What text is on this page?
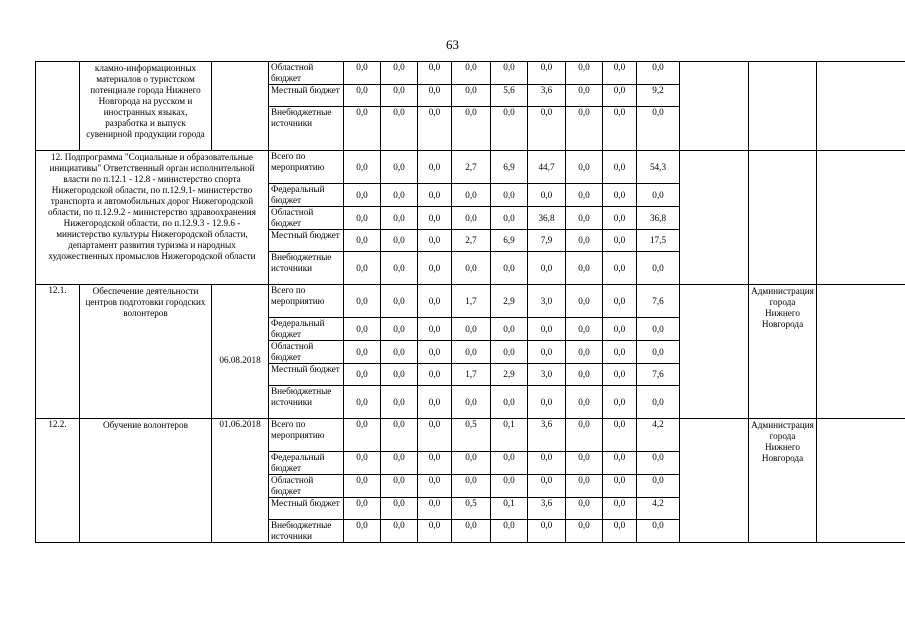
63
	кламно-информационных материалов о туристском потенциале города Нижнего Новгорода на русском и иностранных языках, разработка и выпуск сувенирной продукции города		Областной бюджет	0,0	0,0	0,0	0,0	0,0	0,0	0,0	0,0	0,0			
			Местный бюджет	0,0	0,0	0,0	0,0	5,6	3,6	0,0	0,0	9,2			
			Внебюджетные источники	0,0	0,0	0,0	0,0	0,0	0,0	0,0	0,0	0,0			
12. Подпрограмма "Социальные и образовательные инициативы" Ответственный орган исполнительной власти по п.12.1 - 12.8 - министерство спорта Нижегородской области, по п.12.9.1- министерство транспорта и автомобильных дорог Нижегородской области, по п.12.9.2 - министерство здравоохранения Нижегородской области, по п.12.9.3 - 12.9.6 - министерство культуры Нижегородской области, департамент развития туризма и народных художественных промыслов Нижегородской области			Всего по мероприятию	0,0	0,0	0,0	2,7	6,9	44,7	0,0	0,0	54,3			
			Федеральный бюджет	0,0	0,0	0,0	0,0	0,0	0,0	0,0	0,0	0,0			
			Областной бюджет	0,0	0,0	0,0	0,0	0,0	36,8	0,0	0,0	36,8			
			Местный бюджет	0,0	0,0	0,0	2,7	6,9	7,9	0,0	0,0	17,5			
			Внебюджетные источники	0,0	0,0	0,0	0,0	0,0	0,0	0,0	0,0	0,0			
12.1.	Обеспечение деятельности центров подготовки городских волонтеров	06.08.2018	Всего по мероприятию	0,0	0,0	0,0	1,7	2,9	3,0	0,0	0,0	7,6		Администрация города Нижнего Новгорода	
			Федеральный бюджет	0,0	0,0	0,0	0,0	0,0	0,0	0,0	0,0	0,0			
			Областной бюджет	0,0	0,0	0,0	0,0	0,0	0,0	0,0	0,0	0,0			
			Местный бюджет	0,0	0,0	0,0	1,7	2,9	3,0	0,0	0,0	7,6			
			Внебюджетные источники	0,0	0,0	0,0	0,0	0,0	0,0	0,0	0,0	0,0			
12.2.	Обучение волонтеров	01.06.2018	Всего по мероприятию	0,0	0,0	0,0	0,5	0,1	3,6	0,0	0,0	4,2		Администрация города Нижнего Новгорода	
			Федеральный бюджет	0,0	0,0	0,0	0,0	0,0	0,0	0,0	0,0	0,0			
			Областной бюджет	0,0	0,0	0,0	0,0	0,0	0,0	0,0	0,0	0,0			
			Местный бюджет	0,0	0,0	0,0	0,5	0,1	3,6	0,0	0,0	4,2			
			Внебюджетные источники	0,0	0,0	0,0	0,0	0,0	0,0	0,0	0,0	0,0			
